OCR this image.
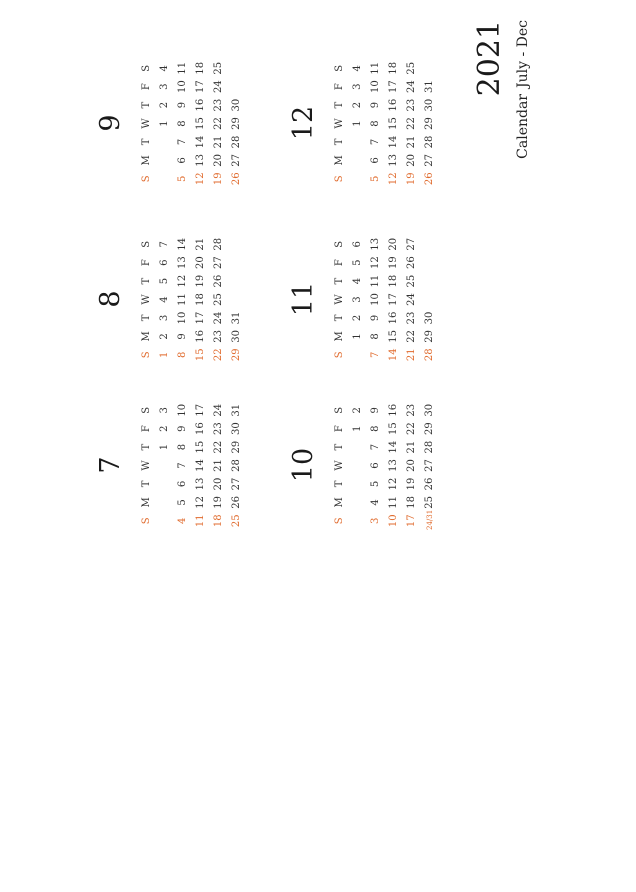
7
S
M
T
W
T
F
S
1
2
3
4
5
6
7
8
9
10
11
12
13
14
15
16
17
18
19
20
21
22
23
24
25
26
27
28
29
30
31
8
S
M
T
W
T
F
S
1
2
3
4
5
6
7
8
9
10
11
12
13
14
15
16
17
18
19
20
21
22
23
24
25
26
27
28
29
30
31
9
S
M
T
W
T
F
S
1
2
3
4
5
6
7
8
9
10
11
12
13
14
15
16
17
18
19
20
21
22
23
24
25
26
27
28
29
30
10
S
M
T
W
T
F
S
1
2
3
4
5
6
7
8
9
10
11
12
13
14
15
16
17
18
19
20
21
22
23
24/31
25
26
27
28
29
30
11
S
M
T
W
T
F
S
1
2
3
4
5
6
7
8
9
10
11
12
13
14
15
16
17
18
19
20
21
22
23
24
25
26
27
28
29
30
12
S
M
T
W
T
F
S
1
2
3
4
5
6
7
8
9
10
11
12
13
14
15
16
17
18
19
20
21
22
23
24
25
26
27
28
29
30
31 2021
CalendarJuly - Dec
